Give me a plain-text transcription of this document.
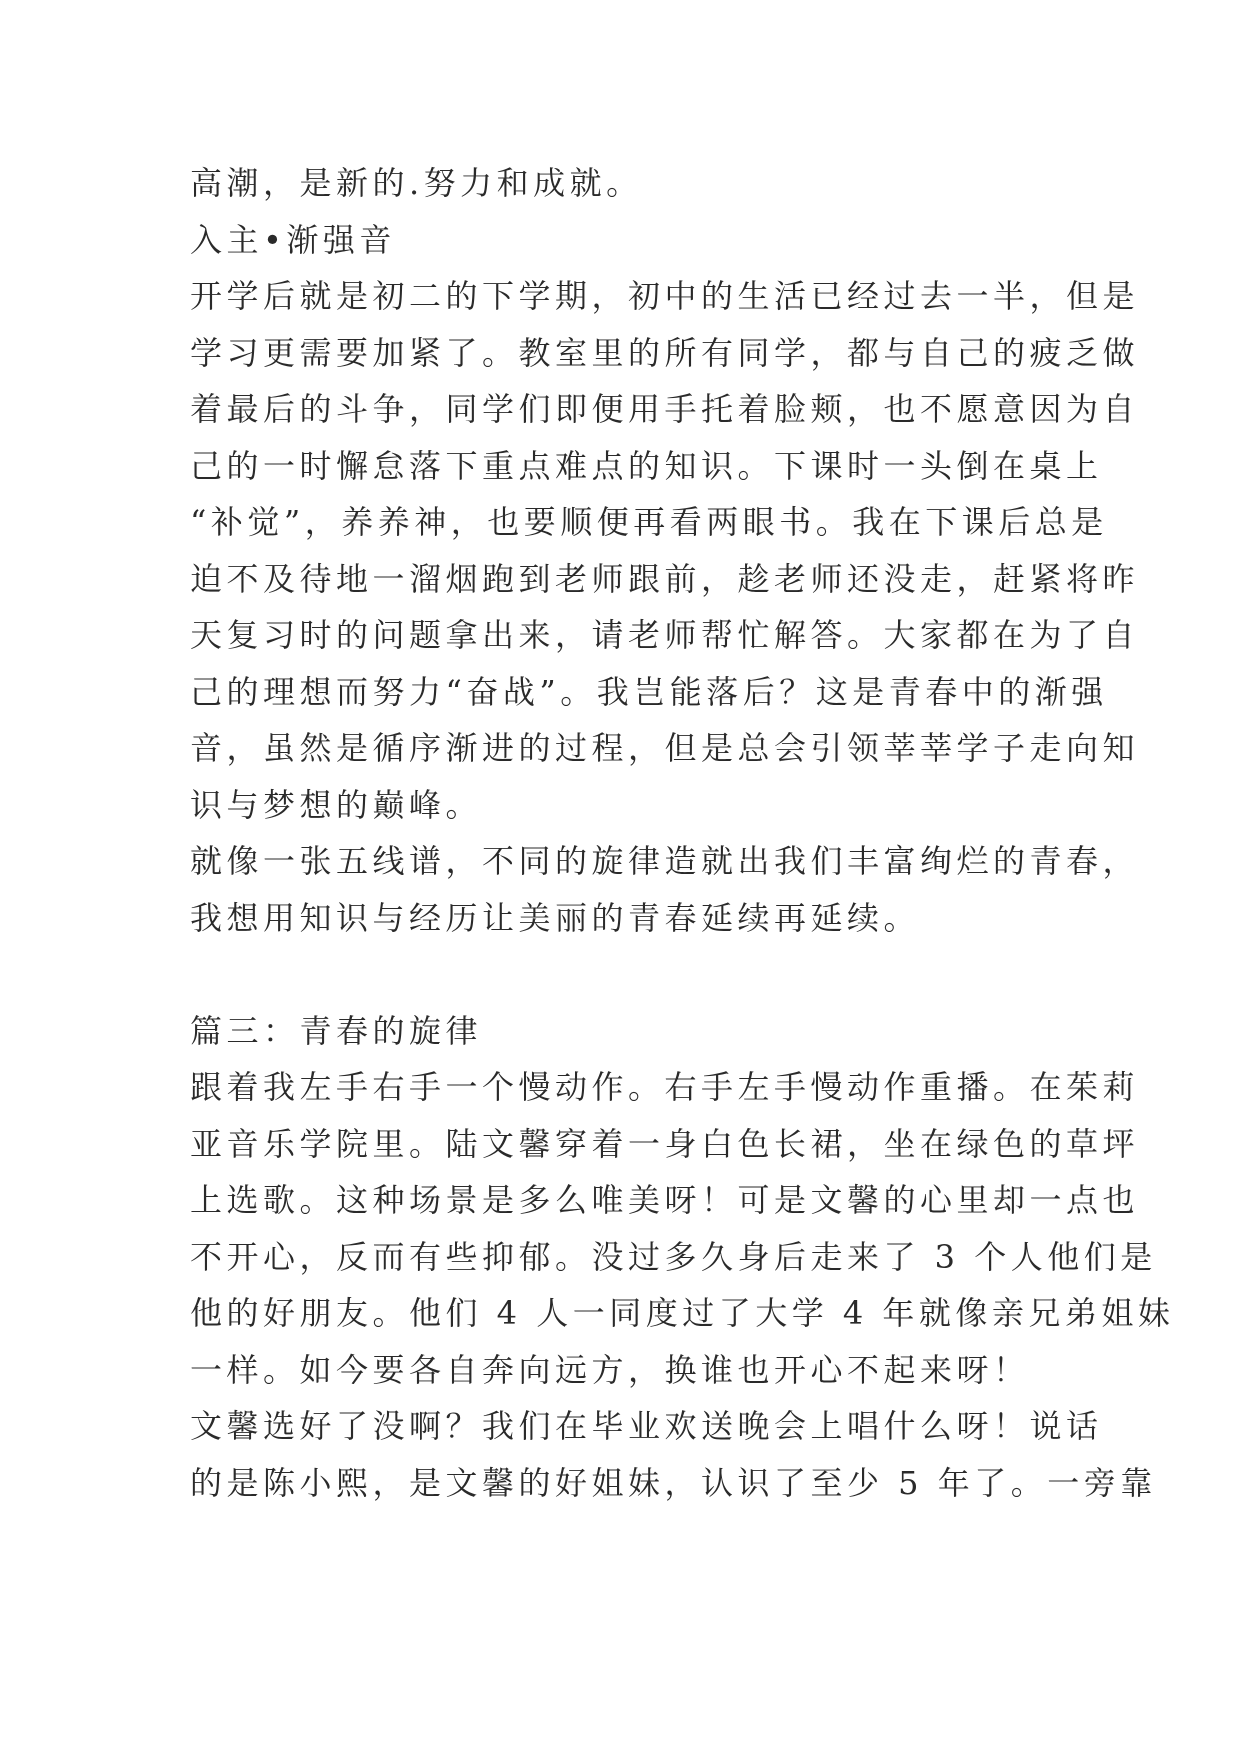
高潮，是新的.努力和成就。
入主•渐强音
开学后就是初二的下学期，初中的生活已经过去一半，但是
学习更需要加紧了。教室里的所有同学，都与自己的疲乏做
着最后的斗争，同学们即便用手托着脸颊，也不愿意因为自
己的一时懈怠落下重点难点的知识。下课时一头倒在桌上
“补觉”，养养神，也要顺便再看两眼书。我在下课后总是
迫不及待地一溜烟跑到老师跟前，趁老师还没走，赶紧将昨
天复习时的问题拿出来，请老师帮忙解答。大家都在为了自
己的理想而努力“奋战”。我岂能落后？这是青春中的渐强
音，虽然是循序渐进的过程，但是总会引领莘莘学子走向知
识与梦想的巅峰。
就像一张五线谱，不同的旋律造就出我们丰富绚烂的青春，
我想用知识与经历让美丽的青春延续再延续。
篇三：青春的旋律
跟着我左手右手一个慢动作。右手左手慢动作重播。在茱莉
亚音乐学院里。陆文馨穿着一身白色长裙，坐在绿色的草坪
上选歌。这种场景是多么唯美呀！可是文馨的心里却一点也
不开心，反而有些抑郁。没过多久身后走来了 3 个人他们是
他的好朋友。他们 4 人一同度过了大学 4 年就像亲兄弟姐妹
一样。如今要各自奔向远方，换谁也开心不起来呀！
文馨选好了没啊？我们在毕业欢送晚会上唱什么呀！说话
的是陈小熙，是文馨的好姐妹，认识了至少 5 年了。一旁靠
